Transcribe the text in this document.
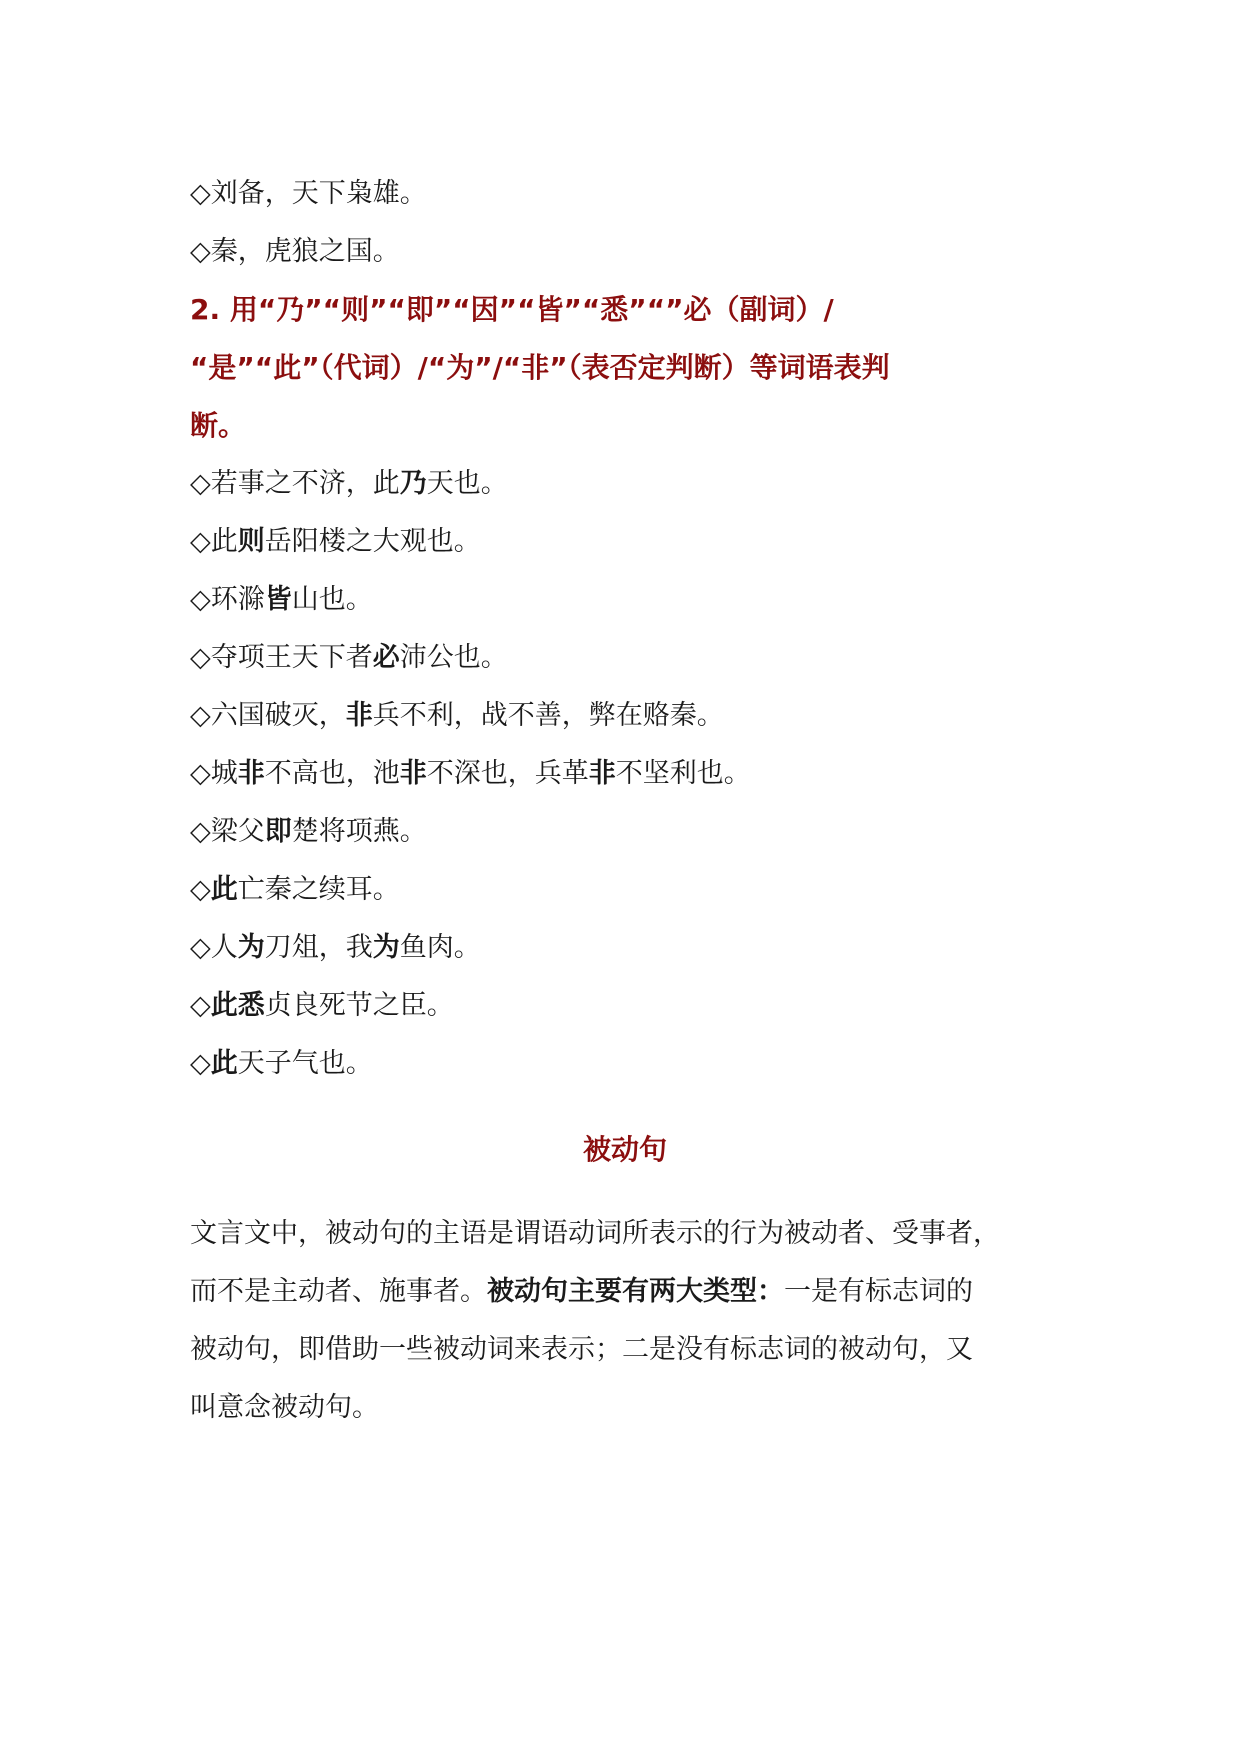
◇刘备，天下枭雄。
◇秦，虎狼之国。
2. 用“乃”“则”“即”“因”“皆”“悉”“”必（副词）/
“是”“此”（代词）/“为”/“非”（表否定判断）等词语表判
断。
◇若事之不济，此乃天也。
◇此则岳阳楼之大观也。
◇环滁皆山也。
◇夺项王天下者必沛公也。
◇六国破灭，非兵不利，战不善，弊在赂秦。
◇城非不高也，池非不深也，兵革非不坚利也。
◇梁父即楚将项燕。
◇此亡秦之续耳。
◇人为刀俎，我为鱼肉。
◇此悉贞良死节之臣。
◇此天子气也。
被动句
文言文中，被动句的主语是谓语动词所表示的行为被动者、受事者，
而不是主动者、施事者。被动句主要有两大类型：一是有标志词的
被动句，即借助一些被动词来表示；二是没有标志词的被动句，又
叫意念被动句。
